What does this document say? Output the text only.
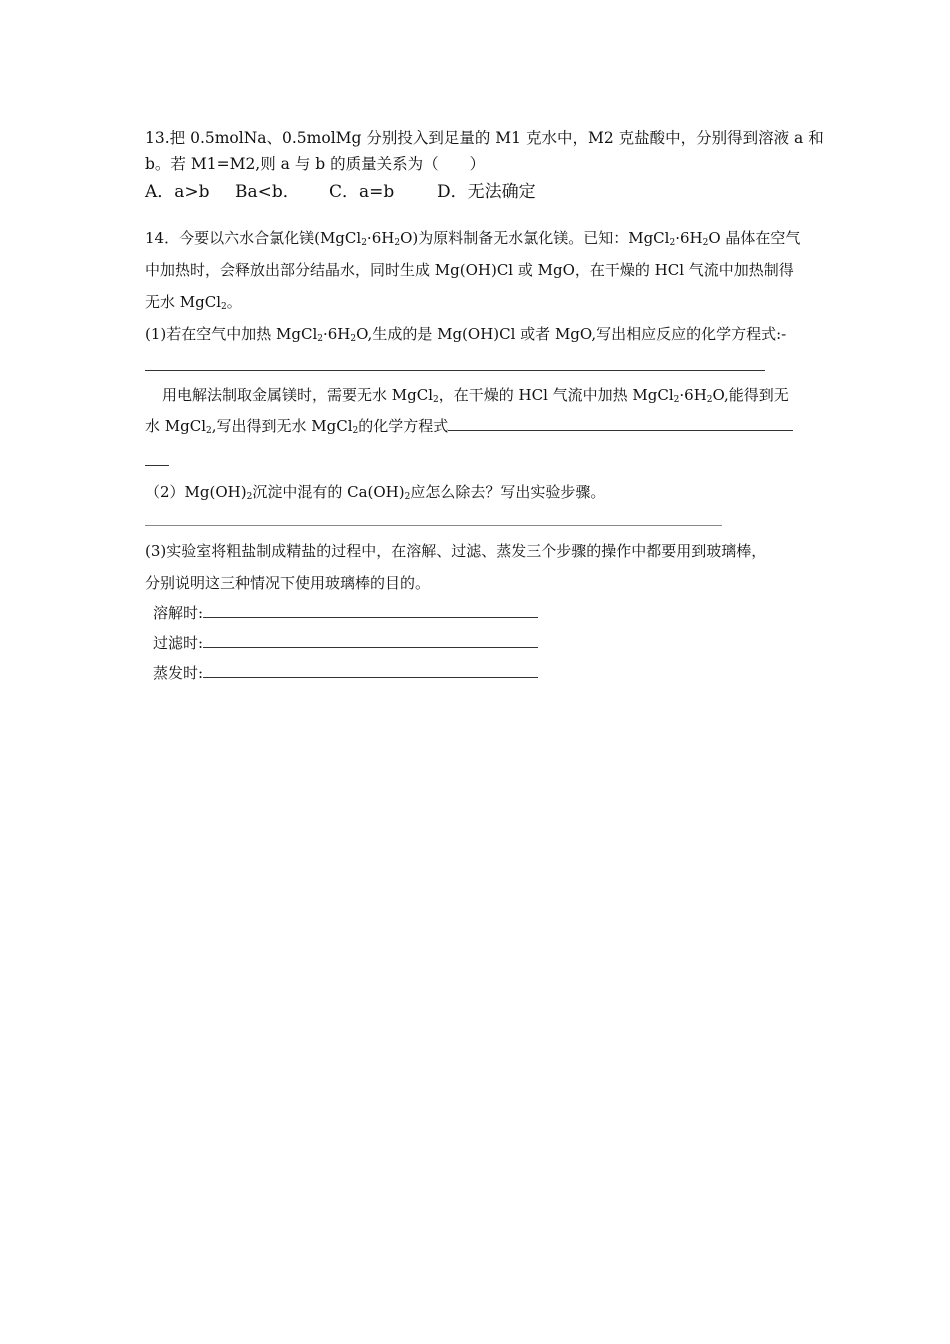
13.把 0.5molNa、0.5molMg 分别投入到足量的 M1 克水中，M2 克盐酸中，分别得到溶液 a 和
b。若 M1=M2,则 a 与 b 的质量关系为（　　）
A．a>b Ba<b． C．a=b	D．无法确定
14．今要以六水合氯化镁$(MgCl_2\cdot 6H_2O)$为原料制备无水氯化镁。已知：$MgCl_2\cdot 6H_2O$ 晶体在空气
中加热时，会释放出部分结晶水，同时生成 Mg(OH)Cl 或 MgO，在干燥的 HCl 气流中加热制得
无水 MgCl$_2$。
(1)若在空气中加热 $MgCl_2\cdot 6H_2O$,生成的是 Mg(OH)Cl 或者 MgO,写出相应反应的化学方程式:-
用电解法制取金属镁时，需要无水 MgCl$_2$，在干燥的 HCl 气流中加热 $MgCl_2\cdot 6H_2O$,能得到无
水 MgCl$_2$,写出得到无水 MgCl$_2$的化学方程式
$(2)Mg(OH)_2$沉淀中混有的 $Ca(OH)_2$应怎么除去？写出实验步骤。
(3)实验室将粗盐制成精盐的过程中，在溶解、过滤、蒸发三个步骤的操作中都要用到玻璃棒，
分别说明这三种情况下使用玻璃棒的目的。
溶解时:
过滤时:
蒸发时:
